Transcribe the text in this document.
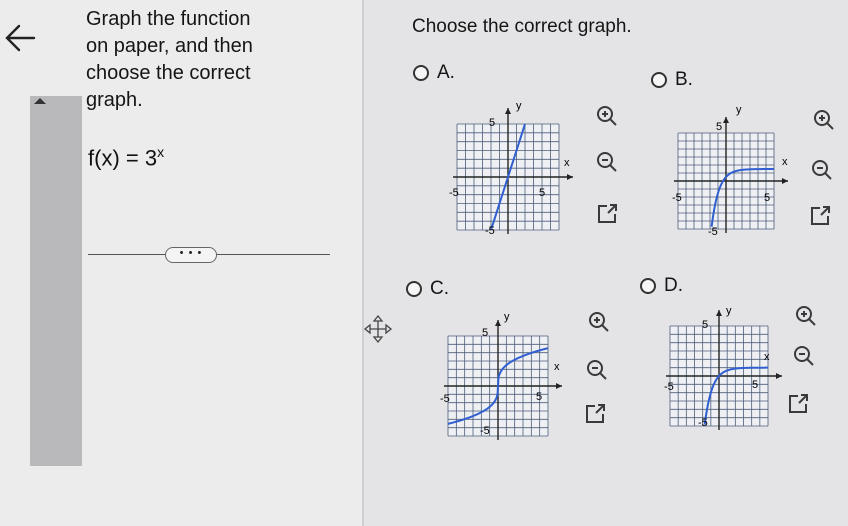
Graph the function
on paper, and then
choose the correct
graph.
$f(x) = 3^x$
• • •
Choose the correct graph.
A.	B.
C.	D.
y
5
x
-5	5
-5
y
5
x
-5	5
-5
y
5
x
-5	5
-5
y
5
x
-5	5
-5
